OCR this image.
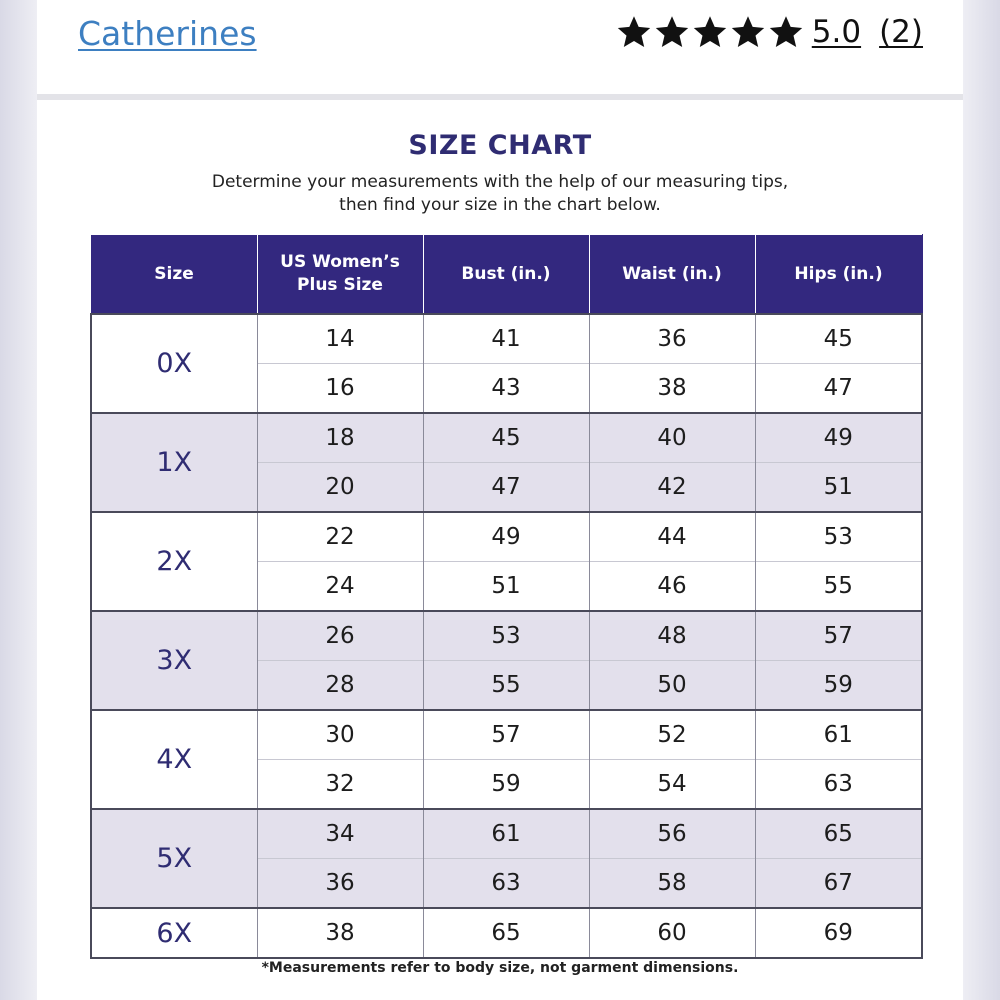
Catherines	5.0 (2)
SIZE CHART
Determine your measurements with the help of our measuring tips,
then find your size in the chart below.
Size	US Women’s Plus Size	Bust (in.)	Waist (in.)	Hips (in.)
0X	14	41	36	45
	16	43	38	47
1X	18	45	40	49
	20	47	42	51
2X	22	49	44	53
	24	51	46	55
3X	26	53	48	57
	28	55	50	59
4X	30	57	52	61
	32	59	54	63
5X	34	61	56	65
	36	63	58	67
6X	38	65	60	69
*Measurements refer to body size, not garment dimensions.
